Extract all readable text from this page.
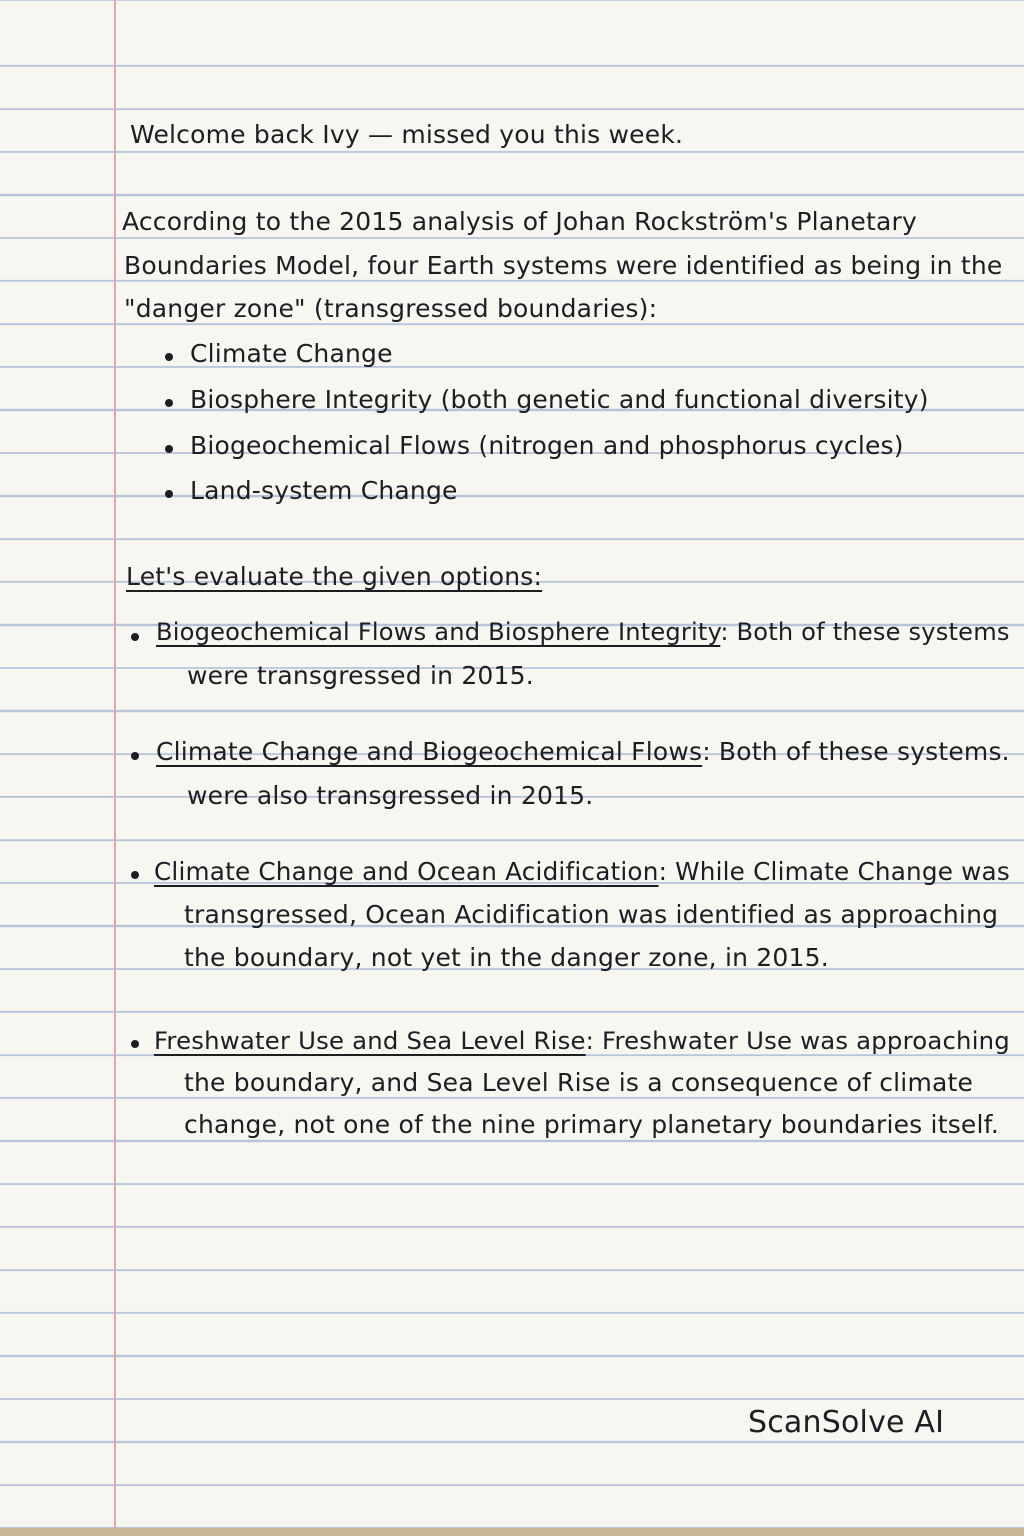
Welcome back Ivy — missed you this week.
According to the 2015 analysis of Johan Rockström's Planetary
Boundaries Model, four Earth systems were identified as being in the
"danger zone" (transgressed boundaries):
Climate Change
Biosphere Integrity (both genetic and functional diversity)
Biogeochemical Flows (nitrogen and phosphorus cycles)
Land-system Change
Let's evaluate the given options:
Biogeochemical Flows and Biosphere Integrity: Both of these systems
were transgressed in 2015.
Climate Change and Biogeochemical Flows: Both of these systems.
were also transgressed in 2015.
Climate Change and Ocean Acidification: While Climate Change was
transgressed, Ocean Acidification was identified as approaching
the boundary, not yet in the danger zone, in 2015.
Freshwater Use and Sea Level Rise: Freshwater Use was approaching
the boundary, and Sea Level Rise is a consequence of climate
change, not one of the nine primary planetary boundaries itself.
ScanSolve AI
